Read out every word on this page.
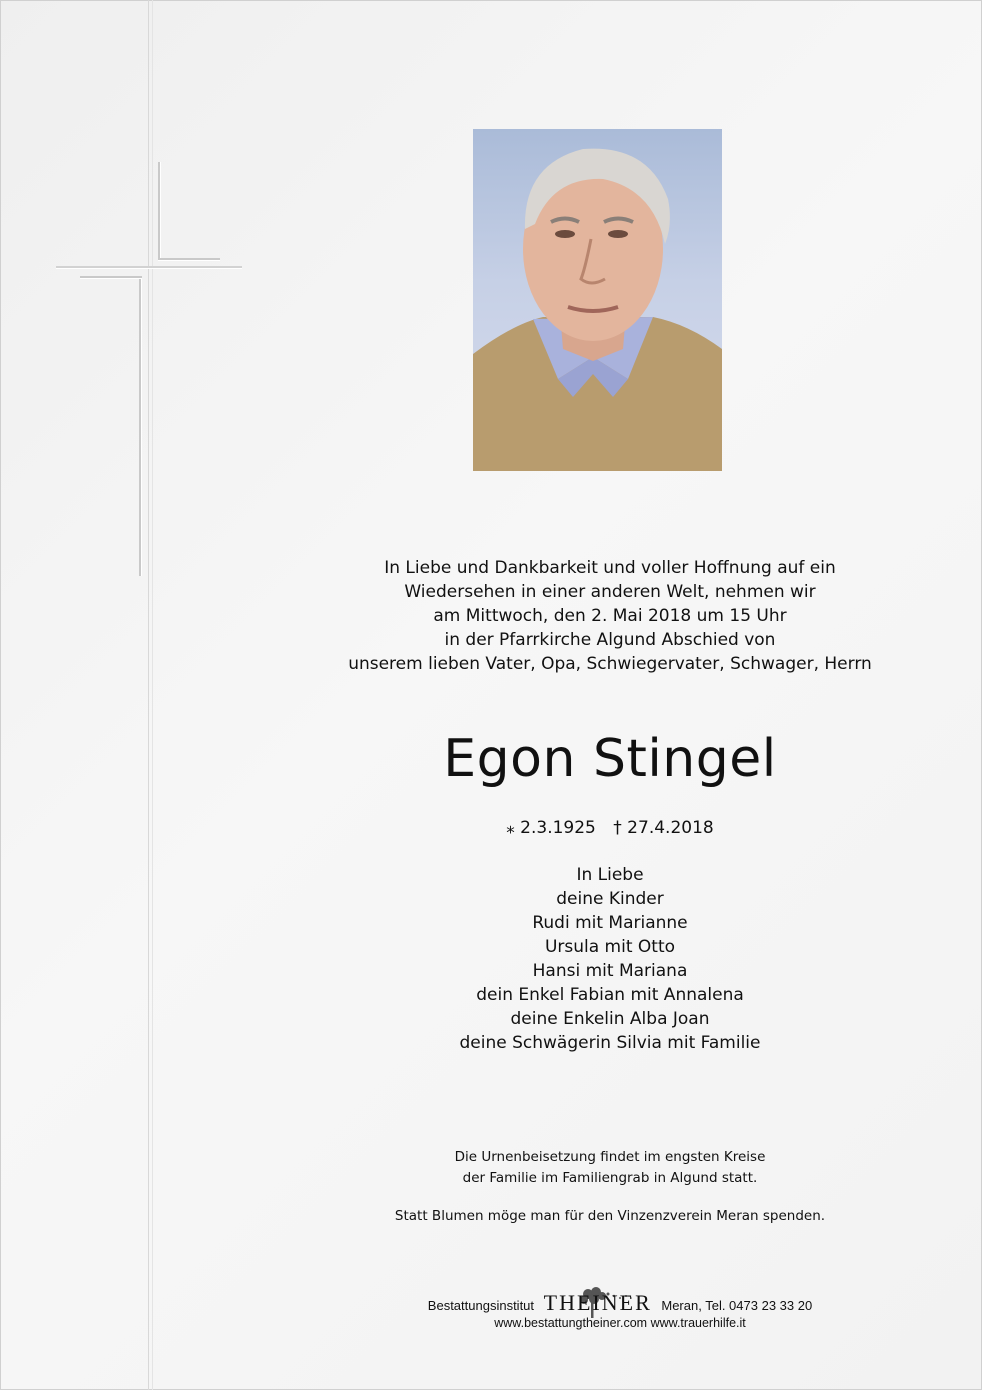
In Liebe und Dankbarkeit und voller Hoffnung auf ein
Wiedersehen in einer anderen Welt, nehmen wir
am Mittwoch, den 2. Mai 2018 um 15 Uhr
in der Pfarrkirche Algund Abschied von
unserem lieben Vater, Opa, Schwiegervater, Schwager, Herrn
Egon Stingel
⁎ 2.3.1925 † 27.4.2018
In Liebe
deine Kinder
Rudi mit Marianne
Ursula mit Otto
Hansi mit Mariana
dein Enkel Fabian mit Annalena
deine Enkelin Alba Joan
deine Schwägerin Silvia mit Familie
Die Urnenbeisetzung findet im engsten Kreise
der Familie im Familiengrab in Algund statt.
Statt Blumen möge man für den Vinzenzverein Meran spenden.
Bestattungsinstitut THEINER Meran, Tel. 0473 23 33 20
www.bestattungtheiner.com www.trauerhilfe.it
